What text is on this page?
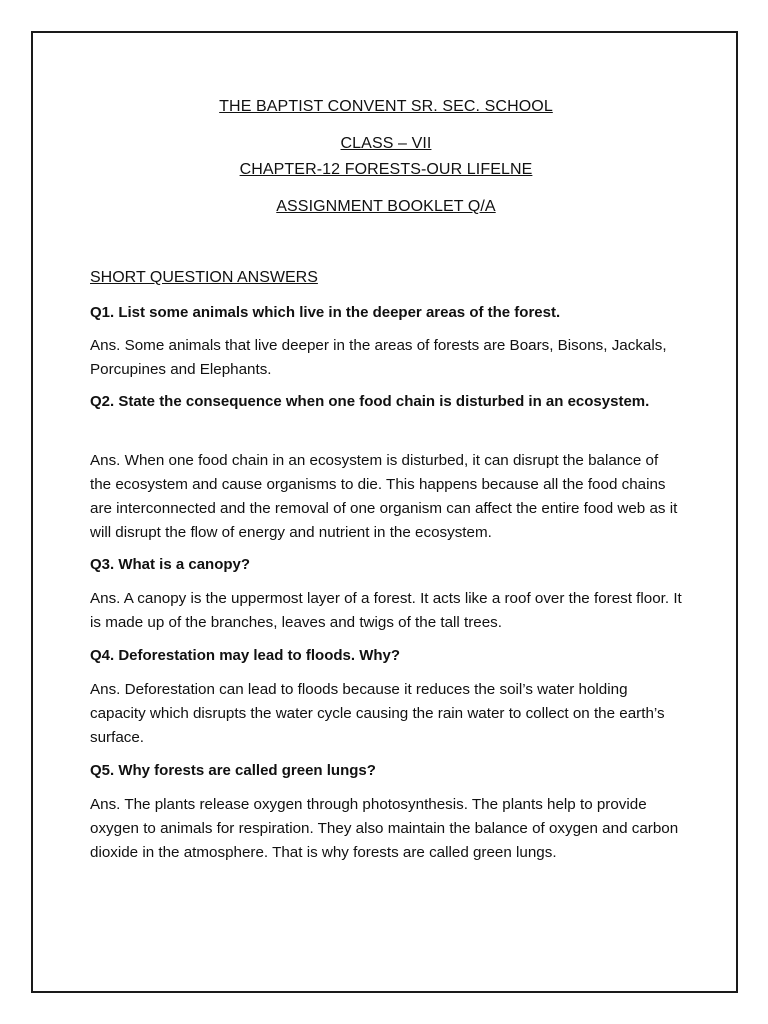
THE BAPTIST CONVENT SR. SEC. SCHOOL

CLASS – VII

CHAPTER-12 FORESTS-OUR LIFELNE

ASSIGNMENT BOOKLET Q/A

SHORT QUESTION ANSWERS

Q1. List some animals which live in the deeper areas of the forest.

Ans. Some animals that live deeper in the areas of forests are Boars, Bisons, Jackals, Porcupines and Elephants.

Q2. State the consequence when one food chain is disturbed in an ecosystem.

Ans. When one food chain in an ecosystem is disturbed, it can disrupt the balance of the ecosystem and cause organisms to die. This happens because all the food chains are interconnected and the removal of one organism can affect the entire food web as it will disrupt the flow of energy and nutrient in the ecosystem.

Q3. What is a canopy?

Ans. A canopy is the uppermost layer of a forest. It acts like a roof over the forest floor. It is made up of the branches, leaves and twigs of the tall trees.

Q4. Deforestation may lead to floods. Why?

Ans. Deforestation can lead to floods because it reduces the soil’s water holding capacity which disrupts the water cycle causing the rain water to collect on the earth’s surface.

Q5. Why forests are called green lungs?

Ans. The plants release oxygen through photosynthesis. The plants help to provide oxygen to animals for respiration. They also maintain the balance of oxygen and carbon dioxide in the atmosphere. That is why forests are called green lungs.
